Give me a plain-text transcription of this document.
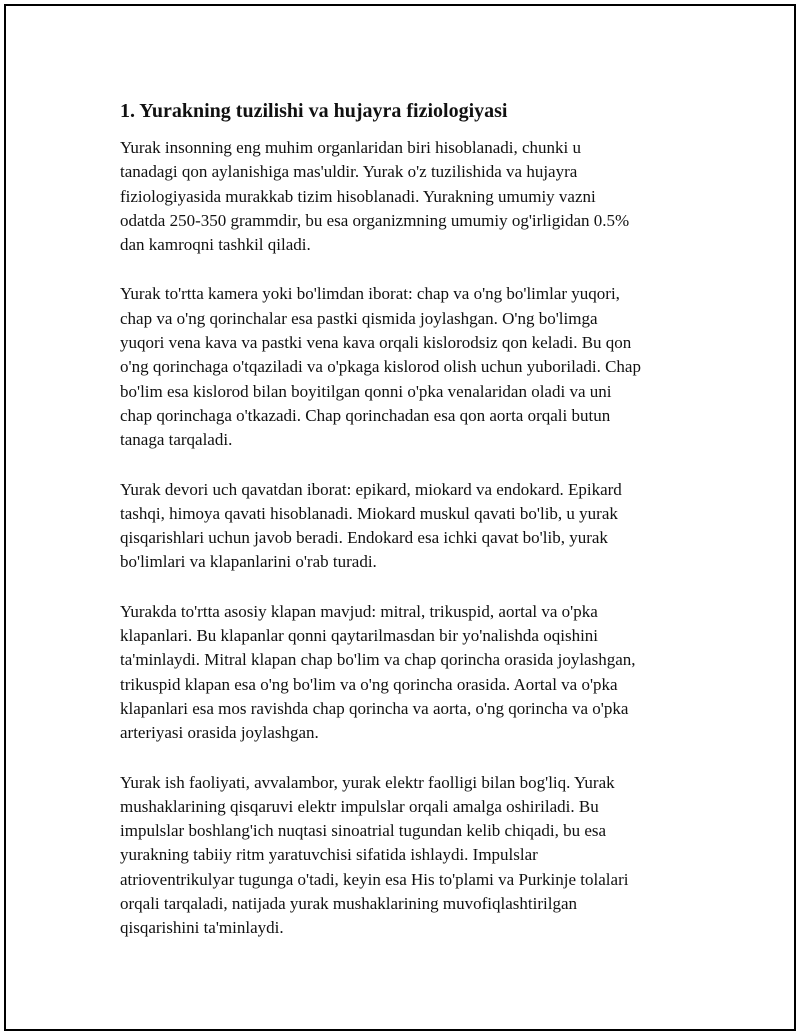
1. Yurakning tuzilishi va hujayra fiziologiyasi

Yurak insonning eng muhim organlaridan biri hisoblanadi, chunki u
tanadagi qon aylanishiga mas'uldir. Yurak o'z tuzilishida va hujayra
fiziologiyasida murakkab tizim hisoblanadi. Yurakning umumiy vazni
odatda 250-350 grammdir, bu esa organizmning umumiy og'irligidan 0.5%
dan kamroqni tashkil qiladi.

Yurak to'rtta kamera yoki bo'limdan iborat: chap va o'ng bo'limlar yuqori,
chap va o'ng qorinchalar esa pastki qismida joylashgan. O'ng bo'limga
yuqori vena kava va pastki vena kava orqali kislorodsiz qon keladi. Bu qon
o'ng qorinchaga o'tqaziladi va o'pkaga kislorod olish uchun yuboriladi. Chap
bo'lim esa kislorod bilan boyitilgan qonni o'pka venalaridan oladi va uni
chap qorinchaga o'tkazadi. Chap qorinchadan esa qon aorta orqali butun
tanaga tarqaladi.

Yurak devori uch qavatdan iborat: epikard, miokard va endokard. Epikard
tashqi, himoya qavati hisoblanadi. Miokard muskul qavati bo'lib, u yurak
qisqarishlari uchun javob beradi. Endokard esa ichki qavat bo'lib, yurak
bo'limlari va klapanlarini o'rab turadi.

Yurakda to'rtta asosiy klapan mavjud: mitral, trikuspid, aortal va o'pka
klapanlari. Bu klapanlar qonni qaytarilmasdan bir yo'nalishda oqishini
ta'minlaydi. Mitral klapan chap bo'lim va chap qorincha orasida joylashgan,
trikuspid klapan esa o'ng bo'lim va o'ng qorincha orasida. Aortal va o'pka
klapanlari esa mos ravishda chap qorincha va aorta, o'ng qorincha va o'pka
arteriyasi orasida joylashgan.

Yurak ish faoliyati, avvalambor, yurak elektr faolligi bilan bog'liq. Yurak
mushaklarining qisqaruvi elektr impulslar orqali amalga oshiriladi. Bu
impulslar boshlang'ich nuqtasi sinoatrial tugundan kelib chiqadi, bu esa
yurakning tabiiy ritm yaratuvchisi sifatida ishlaydi. Impulslar
atrioventrikulyar tugunga o'tadi, keyin esa His to'plami va Purkinje tolalari
orqali tarqaladi, natijada yurak mushaklarining muvofiqlashtirilgan
qisqarishini ta'minlaydi.
